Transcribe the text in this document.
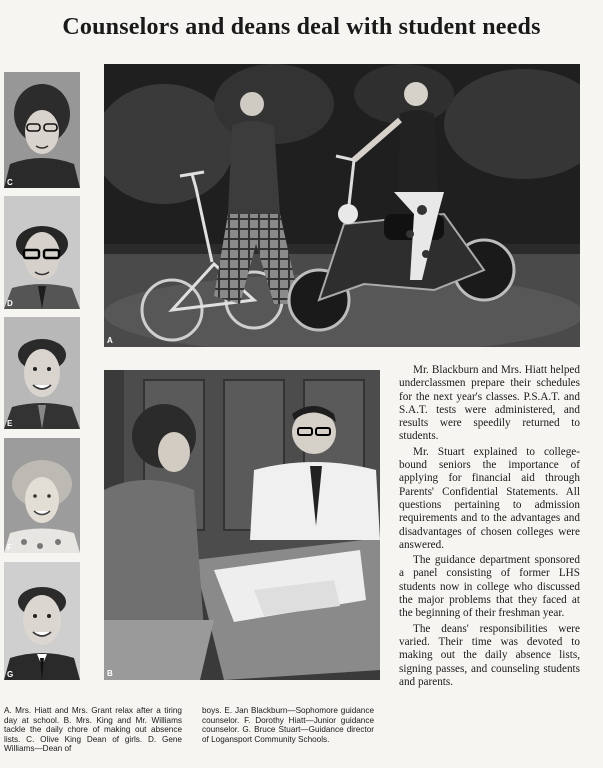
Counselors and deans deal with student needs
C
D
E
F
G
A
B

Mr. Blackburn and Mrs. Hiatt helped underclassmen prepare their schedules for the next year's classes. P.S.A.T. and S.A.T. tests were administered, and results were speedily returned to students.

Mr. Stuart explained to college-bound seniors the importance of applying for financial aid through Parents' Confidential Statements. All questions pertaining to admission requirements and to the advantages and disadvantages of chosen colleges were answered.

The guidance department sponsored a panel consisting of former LHS students now in college who discussed the major problems that they faced at the beginning of their freshman year.

The deans' responsibilities were varied. Their time was devoted to making out the daily absence lists, signing passes, and counseling students and parents.

A. Mrs. Hiatt and Mrs. Grant relax after a tiring day at school. B. Mrs. King and Mr. Williams tackle the daily chore of making out absence lists. C. Olive King Dean of girls. D. Gene Williams—Dean of

boys. E. Jan Blackburn—Sophomore guidance counselor. F. Dorothy Hiatt—Junior guidance counselor. G. Bruce Stuart—Guidance director of Logansport Community Schools.
